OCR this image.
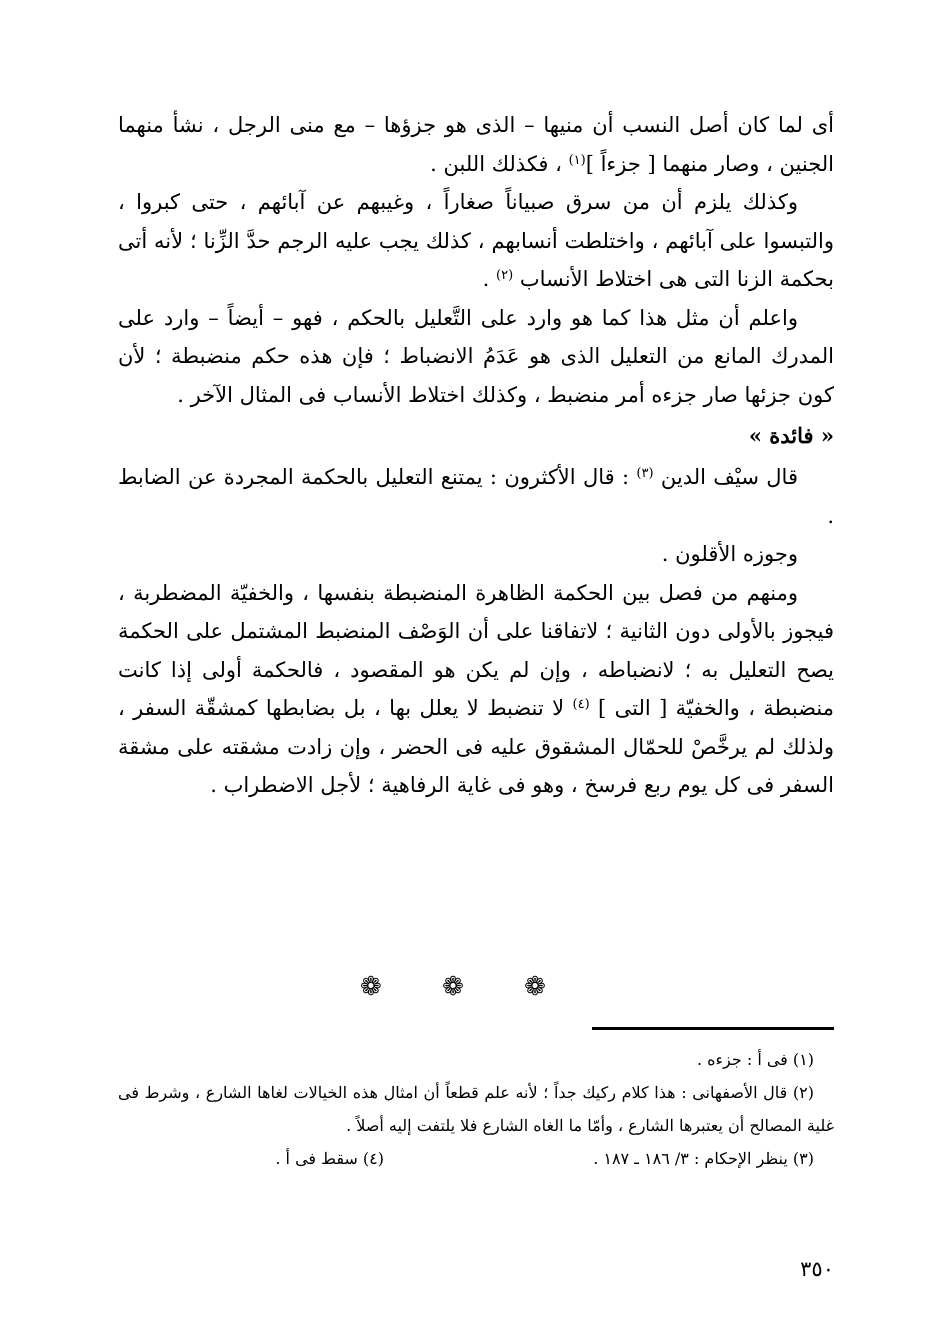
أى لما كان أصل النسب أن منيها – الذى هو جزؤها – مع منى الرجل ، نشأ منهما الجنين ، وصار منهما [ جزءاً ]$^{(١)}$ ، فكذلك اللبن .

وكذلك يلزم أن من سرق صبياناً صغاراً ، وغيبهم عن آبائهم ، حتى كبروا ، والتبسوا على آبائهم ، واختلطت أنسابهم ، كذلك يجب عليه الرجم حدَّ الزِّنا ؛ لأنه أتى بحكمة الزنا التى هى اختلاط الأنساب $^{(٢)}$ .

واعلم أن مثل هذا كما هو وارد على التَّعليل بالحكم ، فهو – أيضاً – وارد على المدرك المانع من التعليل الذى هو عَدَمُ الانضباط ؛ فإن هذه حكم منضبطة ؛ لأن كون جزئها صار جزءه أمر منضبط ، وكذلك اختلاط الأنساب فى المثال الآخر .

« فائدة »

قال سيْف الدين $^{(٣)}$ : قال الأكثرون : يمتنع التعليل بالحكمة المجردة عن الضابط .

وجوزه الأقلون .

ومنهم من فصل بين الحكمة الظاهرة المنضبطة بنفسها ، والخفيّة المضطربة ، فيجوز بالأولى دون الثانية ؛ لاتفاقنا على أن الوَصْف المنضبط المشتمل على الحكمة يصح التعليل به ؛ لانضباطه ، وإن لم يكن هو المقصود ، فالحكمة أولى إذا كانت منضبطة ، والخفيّة [ التى ] $^{(٤)}$ لا تنضبط لا يعلل بها ، بل بضابطها كمشقّة السفر ، ولذلك لم يرخَّصْ للحمّال المشقوق عليه فى الحضر ، وإن زادت مشقته على مشقة السفر فى كل يوم ربع فرسخ ، وهو فى غاية الرفاهية ؛ لأجل الاضطراب .

❁ ❁ ❁

(١) فى أ : جزءه .

(٢) قال الأصفهانى : هذا كلام ركيك جداً ؛ لأنه علم قطعاً أن امثال هذه الخيالات لغاها الشارع ، وشرط فى غلية المصالح أن يعتبرها الشارع ، وأمّا ما الغاه الشارع فلا يلتفت إليه أصلاً .

(٣) ينظر الإحكام : ٣/ ١٨٦ ـ ١٨٧ .
(٤) سقط فى أ .
٣٥٠
